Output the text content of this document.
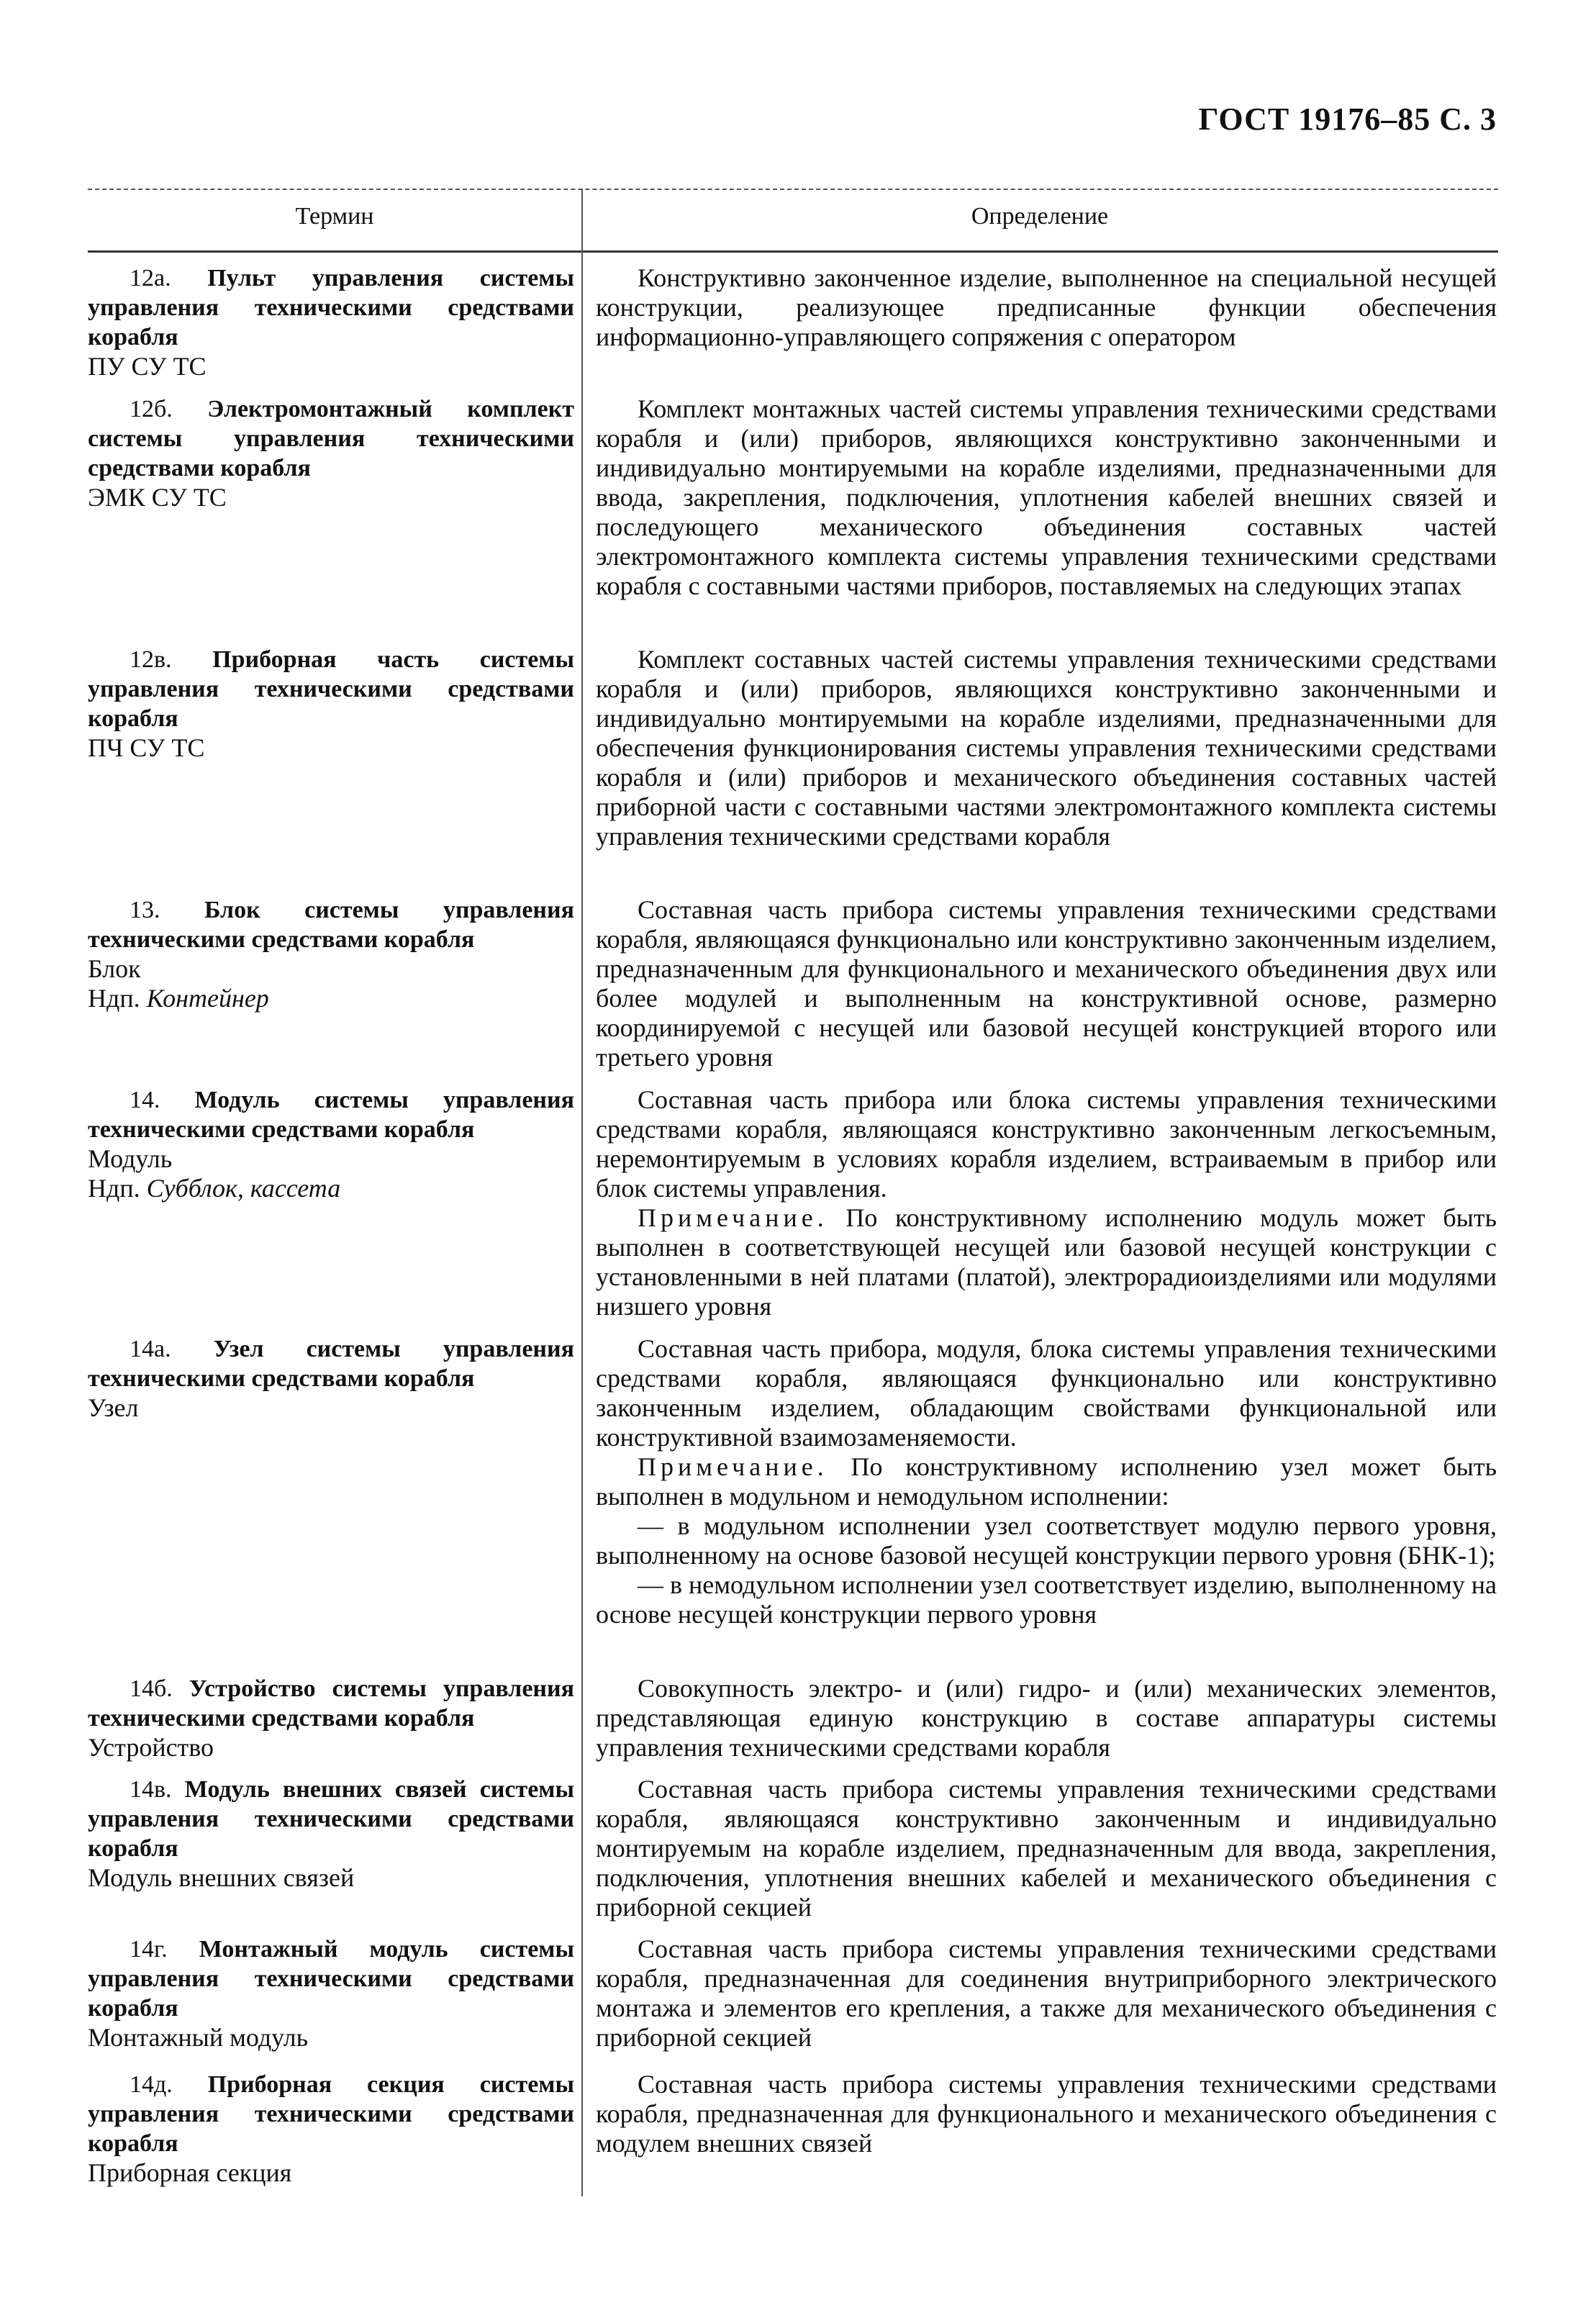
ГОСТ 19176–85 С. 3
Термин	Определение

12а. Пульт управления системы управления техническими средствами корабля

ПУ СУ ТС

Конструктивно законченное изделие, выполненное на специальной несущей конструкции, реализующее предписанные функции обеспечения информационно-управляющего сопряжения с оператором

12б. Электромонтажный комплект системы управления техническими средствами корабля

ЭМК СУ ТС

Комплект монтажных частей системы управления техническими средствами корабля и (или) приборов, являющихся конструктивно законченными и индивидуально монтируемыми на корабле изделиями, предназначенными для ввода, закрепления, подключения, уплотнения кабелей внешних связей и последующего механического объединения составных частей электромонтажного комплекта системы управления техническими средствами корабля с составными частями приборов, поставляемых на следующих этапах

12в. Приборная часть системы управления техническими средствами корабля

ПЧ СУ ТС

Комплект составных частей системы управления техническими средствами корабля и (или) приборов, являющихся конструктивно законченными и индивидуально монтируемыми на корабле изделиями, предназначенными для обеспечения функционирования системы управления техническими средствами корабля и (или) приборов и механического объединения составных частей приборной части с составными частями электромонтажного комплекта системы управления техническими средствами корабля

13. Блок системы управления техническими средствами корабля

Блок

Ндп. Контейнер

Составная часть прибора системы управления техническими средствами корабля, являющаяся функционально или конструктивно законченным изделием, предназначенным для функционального и механического объединения двух или более модулей и выполненным на конструктивной основе, размерно координируемой с несущей или базовой несущей конструкцией второго или третьего уровня

14. Модуль системы управления техническими средствами корабля

Модуль

Ндп. Субблок, кассета

Составная часть прибора или блока системы управления техническими средствами корабля, являющаяся конструктивно законченным легкосъемным, неремонтируемым в условиях корабля изделием, встраиваемым в прибор или блок системы управления.

Примечание. По конструктивному исполнению модуль может быть выполнен в соответствующей несущей или базовой несущей конструкции с установленными в ней платами (платой), электрорадиоизделиями или модулями низшего уровня

14а. Узел системы управления техническими средствами корабля

Узел

Составная часть прибора, модуля, блока системы управления техническими средствами корабля, являющаяся функционально или конструктивно законченным изделием, обладающим свойствами функциональной или конструктивной взаимозаменяемости.

Примечание. По конструктивному исполнению узел может быть выполнен в модульном и немодульном исполнении:

— в модульном исполнении узел соответствует модулю первого уровня, выполненному на основе базовой несущей конструкции первого уровня (БНК-1);

— в немодульном исполнении узел соответствует изделию, выполненному на основе несущей конструкции первого уровня

14б. Устройство системы управления техническими средствами корабля

Устройство

Совокупность электро- и (или) гидро- и (или) механических элементов, представляющая единую конструкцию в составе аппаратуры системы управления техническими средствами корабля

14в. Модуль внешних связей системы управления техническими средствами корабля

Модуль внешних связей

Составная часть прибора системы управления техническими средствами корабля, являющаяся конструктивно законченным и индивидуально монтируемым на корабле изделием, предназначенным для ввода, закрепления, подключения, уплотнения внешних кабелей и механического объединения с приборной секцией

14г. Монтажный модуль системы управления техническими средствами корабля

Монтажный модуль

Составная часть прибора системы управления техническими средствами корабля, предназначенная для соединения внутриприборного электрического монтажа и элементов его крепления, а также для механического объединения с приборной секцией

14д. Приборная секция системы управления техническими средствами корабля

Приборная секция

Составная часть прибора системы управления техническими средствами корабля, предназначенная для функционального и механического объединения с модулем внешних связей
